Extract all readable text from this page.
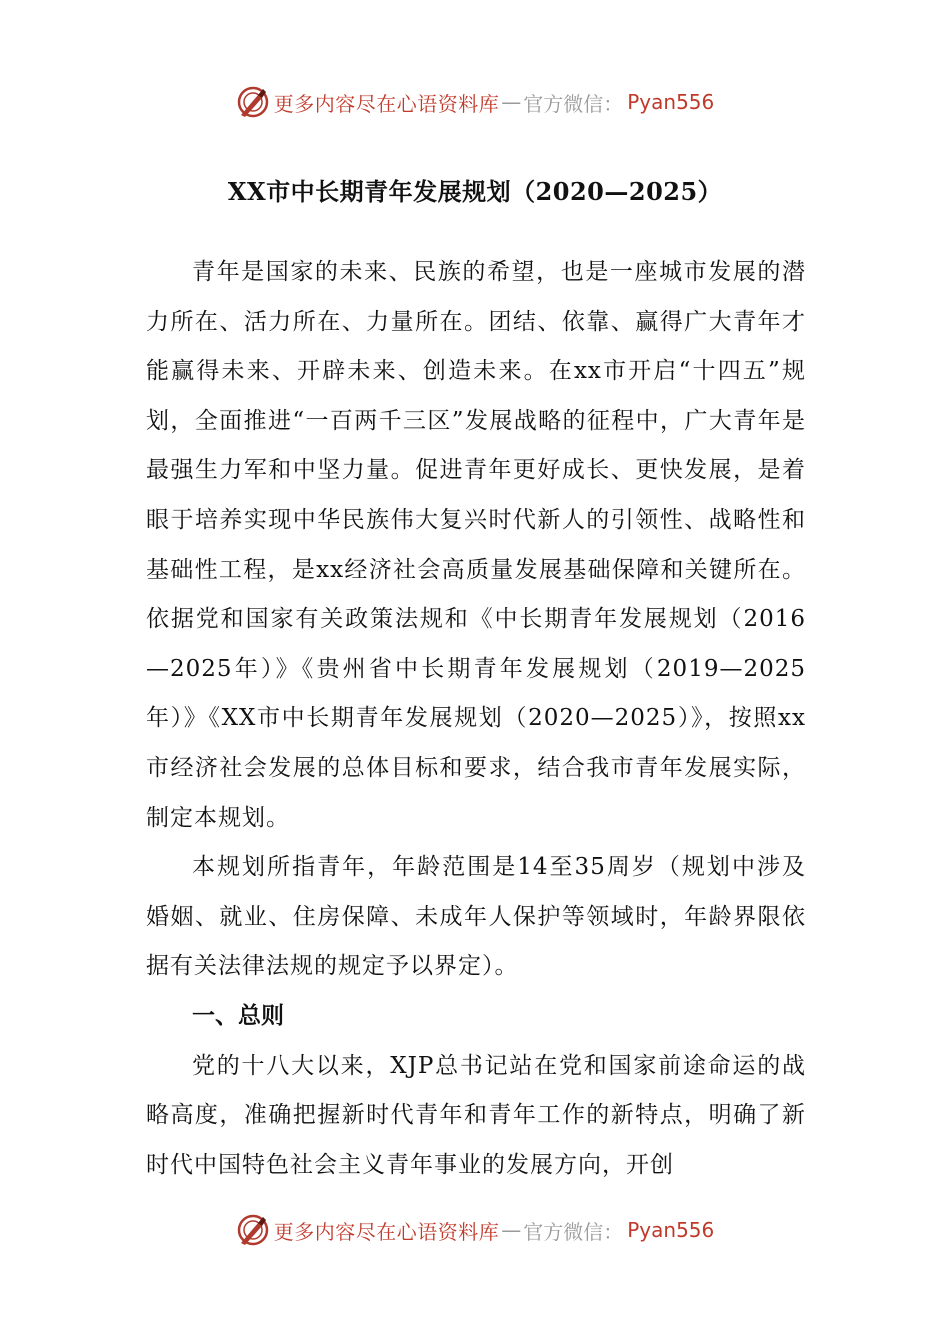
更多内容尽在心语资料库 — 官方微信： Pyan556
XX市中长期青年发展规划（2020—2025）

青年是国家的未来、民族的希望，也是一座城市发展的潜力所在、活力所在、力量所在。团结、依靠、赢得广大青年才能赢得未来、开辟未来、创造未来。在xx市开启“十四五”规划，全面推进“一百两千三区”发展战略的征程中，广大青年是最强生力军和中坚力量。促进青年更好成长、更快发展，是着眼于培养实现中华民族伟大复兴时代新人的引领性、战略性和基础性工程，是xx经济社会高质量发展基础保障和关键所在。依据党和国家有关政策法规和《中长期青年发展规划（2016—2025年）》《贵州省中长期青年发展规划（2019—2025年）》《XX市中长期青年发展规划（2020—2025）》，按照xx市经济社会发展的总体目标和要求，结合我市青年发展实际，制定本规划。

本规划所指青年，年龄范围是14至35周岁（规划中涉及婚姻、就业、住房保障、未成年人保护等领域时，年龄界限依据有关法律法规的规定予以界定）。

一、总则

党的十八大以来，XJP总书记站在党和国家前途命运的战略高度，准确把握新时代青年和青年工作的新特点，明确了新时代中国特色社会主义青年事业的发展方向，开创

更多内容尽在心语资料库 — 官方微信： Pyan556
